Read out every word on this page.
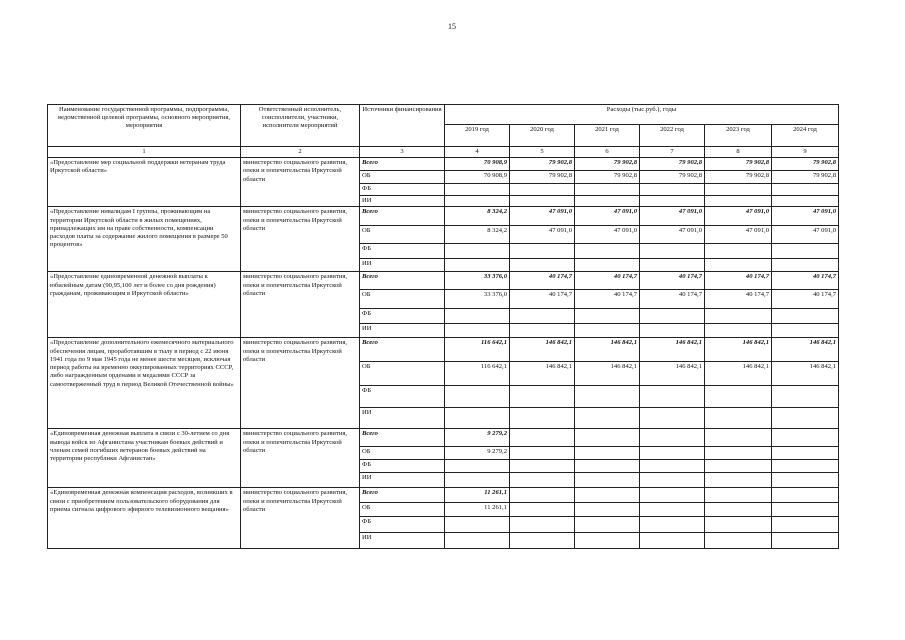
15
Наименование государственной программы, подпрограммы, ведомственной целевой программы, основного мероприятия, мероприятия	Ответственный исполнитель, соисполнители, участники, исполнители мероприятий	Источники финансирования	Расходы (тыс.руб.), годы					
			2019 год	2020 год	2021 год	2022 год	2023 год	2024 год
1	2	3	4	5	6	7	8	9
«Предоставление мер социальной поддержки ветеранам труда Иркутской области»	министерство социального развития, опеки и попечительства Иркутской области	Всего	70 908,9	79 902,8	79 902,8	79 902,8	79 902,8	79 902,8
		ОБ	70 908,9	79 902,8	79 902,8	79 902,8	79 902,8	79 902,8
		ФБ						
		ИИ						
«Предоставление инвалидам I группы, проживающим на территории Иркутской области в жилых помещениях, принадлежащих им на праве собственности, компенсации расходов платы за содержание жилого помещения в размере 50 процентов»	министерство социального развития, опеки и попечительства Иркутской области	Всего	8 324,2	47 091,0	47 091,0	47 091,0	47 091,0	47 091,0
		ОБ	8 324,2	47 091,0	47 091,0	47 091,0	47 091,0	47 091,0
		ФБ						
		ИИ						
«Предоставление единовременной денежной выплаты к юбилейным датам (90,95,100 лет и более со дня рождения) гражданам, проживающим в Иркутской области»	министерство социального развития, опеки и попечительства Иркутской области	Всего	33 376,0	40 174,7	40 174,7	40 174,7	40 174,7	40 174,7
		ОБ	33 376,0	40 174,7	40 174,7	40 174,7	40 174,7	40 174,7
		ФБ						
		ИИ						
«Предоставление дополнительного ежемесячного материального обеспечения лицам, проработавшим в тылу в период с 22 июня 1941 года по 9 мая 1945 года не менее шести месяцев, исключая период работы на временно оккупированных территориях СССР, либо награжденным орденами и медалями СССР за самоотверженный труд в период Великой Отечественной войны»	министерство социального развития, опеки и попечительства Иркутской области	Всего	116 642,1	146 842,1	146 842,1	146 842,1	146 842,1	146 842,1
		ОБ	116 642,1	146 842,1	146 842,1	146 842,1	146 842,1	146 842,1
		ФБ						
		ИИ						
«Единовременная денежная выплата в связи с 30-летием со дня вывода войск из Афганистана участникам боевых действий и членам семей погибших ветеранов боевых действий на территории республики Афганистан»	министерство социального развития, опеки и попечительства Иркутской области	Всего	9 279,2					
		ОБ	9 279,2					
		ФБ						
		ИИ						
«Единовременная денежная компенсация расходов, возникших в связи с приобретением пользовательского оборудования для приема сигнала цифрового эфирного телевизионного вещания»	министерство социального развития, опеки и попечительства Иркутской области	Всего	11 261,1					
		ОБ	11 261,1					
		ФБ						
		ИИ						
